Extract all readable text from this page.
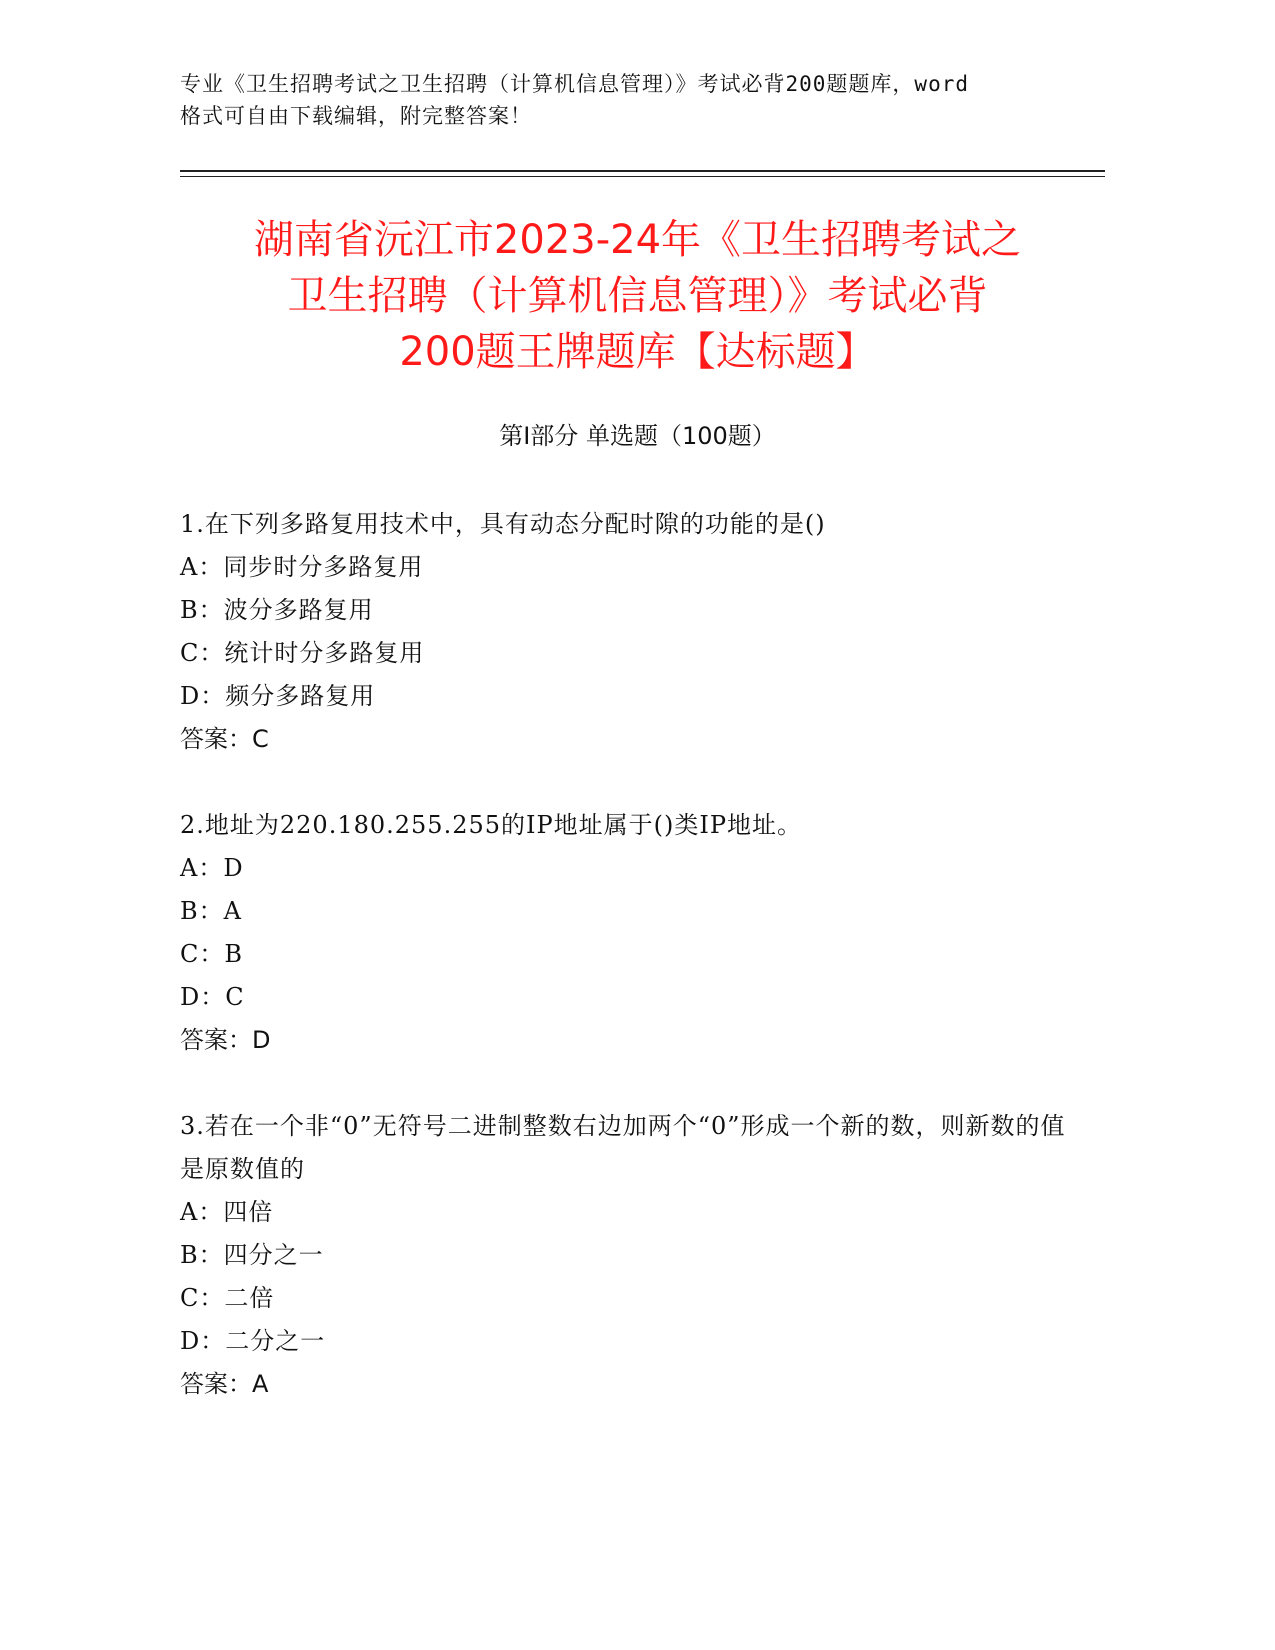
专业《卫生招聘考试之卫生招聘（计算机信息管理）》考试必背200题题库，word
格式可自由下载编辑，附完整答案！
湖南省沅江市2023-24年《卫生招聘考试之
卫生招聘（计算机信息管理）》考试必背
200题王牌题库【达标题】
第Ⅰ部分 单选题（100题）
1.在下列多路复用技术中，具有动态分配时隙的功能的是()
A：同步时分多路复用
B：波分多路复用
C：统计时分多路复用
D：频分多路复用
答案：C
2.地址为220.180.255.255的IP地址属于()类IP地址。
A：D
B：A
C：B
D：C
答案：D
3.若在一个非“0”无符号二进制整数右边加两个“0”形成一个新的数，则新数的值是原数值的
A：四倍
B：四分之一
C：二倍
D：二分之一
答案：A
